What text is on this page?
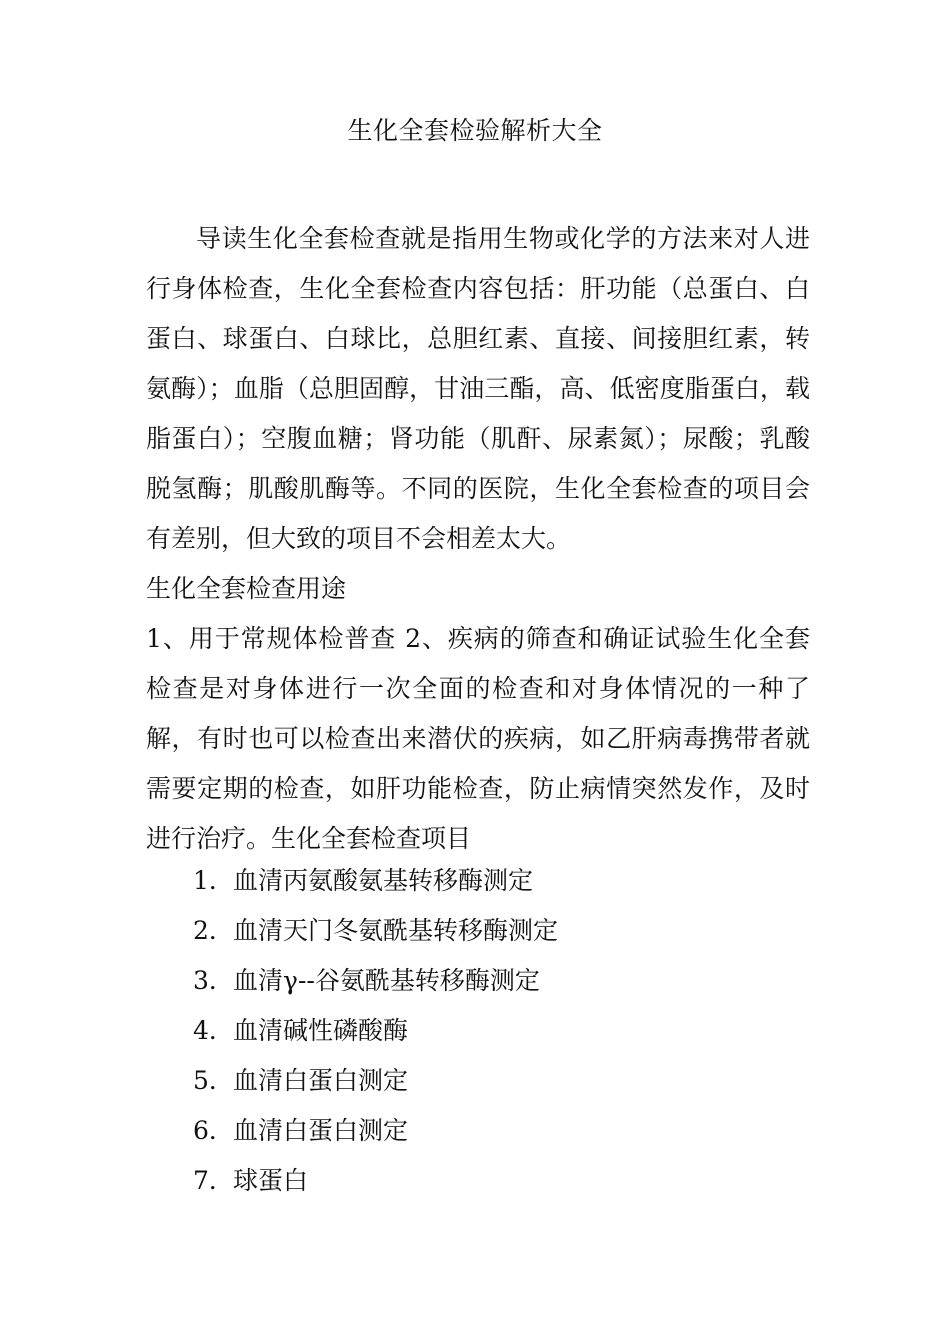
生化全套检验解析大全

导读生化全套检查就是指用生物或化学的方法来对人进行身体检查，生化全套检查内容包括：肝功能（总蛋白、白蛋白、球蛋白、白球比，总胆红素、直接、间接胆红素，转氨酶）；血脂（总胆固醇，甘油三酯，高、低密度脂蛋白，载脂蛋白）；空腹血糖；肾功能（肌酐、尿素氮）；尿酸；乳酸脱氢酶；肌酸肌酶等。不同的医院，生化全套检查的项目会有差别，但大致的项目不会相差太大。

生化全套检查用途

1、用于常规体检普查 2、疾病的筛查和确证试验生化全套检查是对身体进行一次全面的检查和对身体情况的一种了解，有时也可以检查出来潜伏的疾病，如乙肝病毒携带者就需要定期的检查，如肝功能检查，防止病情突然发作，及时进行治疗。生化全套检查项目

1． 血清丙氨酸氨基转移酶测定
2． 血清天门冬氨酰基转移酶测定
3． 血清γ--谷氨酰基转移酶测定
4． 血清碱性磷酸酶
5． 血清白蛋白测定
6． 血清白蛋白测定
7． 球蛋白
